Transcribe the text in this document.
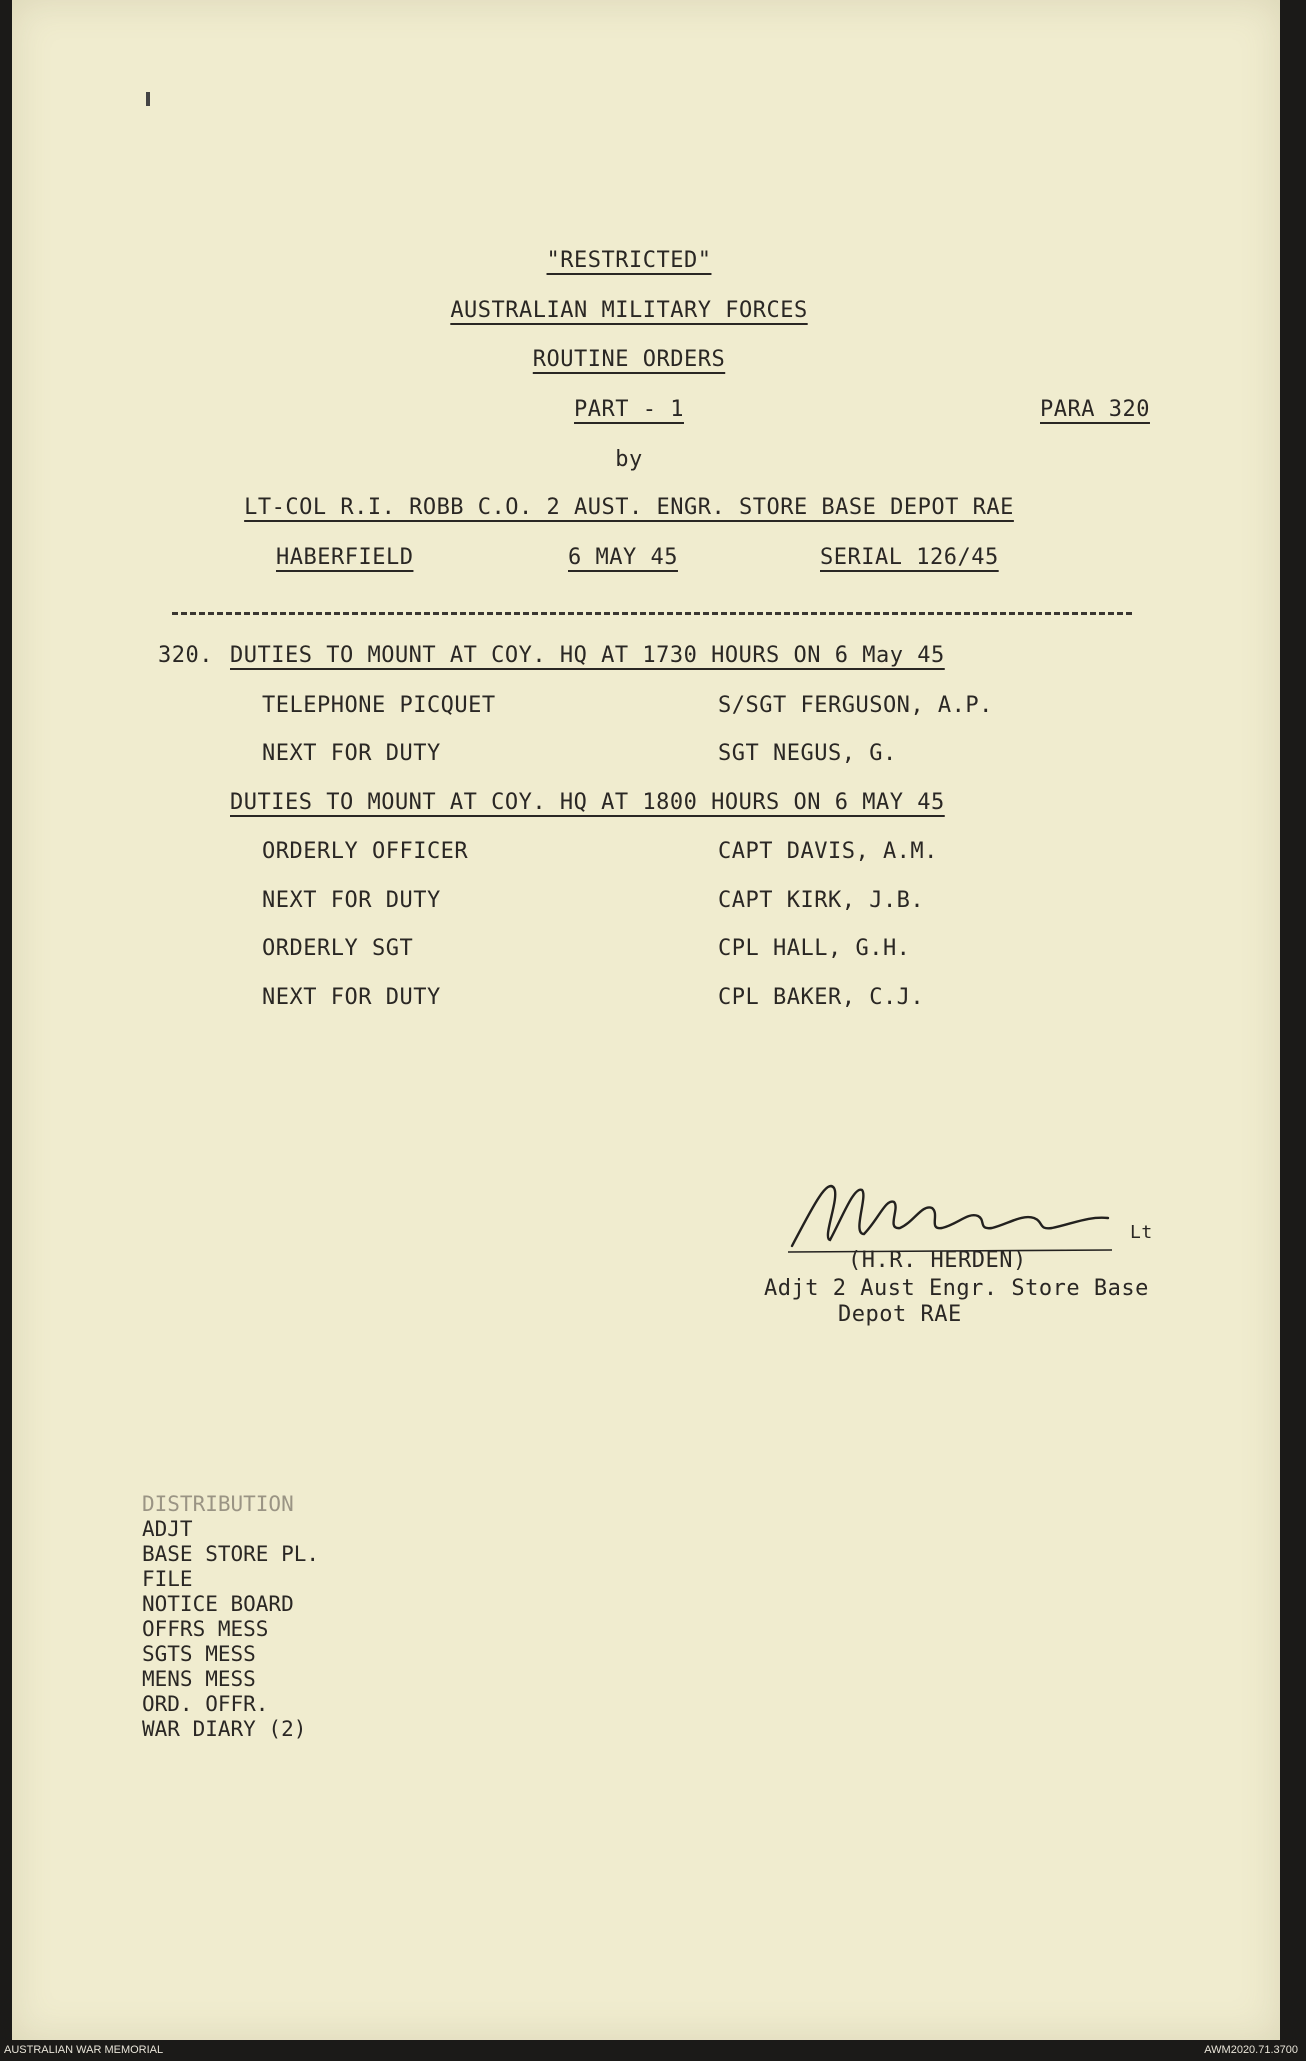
"RESTRICTED"
AUSTRALIAN MILITARY FORCES
ROUTINE ORDERS
PART - 1	PARA 320
by
LT-COL R.I. ROBB C.O. 2 AUST. ENGR. STORE BASE DEPOT RAE
HABERFIELD	6 MAY 45	SERIAL 126/45
320. DUTIES TO MOUNT AT COY. HQ AT 1730 HOURS ON 6 May 45
TELEPHONE PICQUET	S/SGT FERGUSON, A.P.
NEXT FOR DUTY	SGT NEGUS, G.
DUTIES TO MOUNT AT COY. HQ AT 1800 HOURS ON 6 MAY 45
ORDERLY OFFICER	CAPT DAVIS, A.M.
NEXT FOR DUTY	CAPT KIRK, J.B.
ORDERLY SGT	CPL HALL, G.H.
NEXT FOR DUTY	CPL BAKER, C.J.
Lt
(H.R. HERDEN)
Adjt 2 Aust Engr. Store Base
Depot RAE
DISTRIBUTION
ADJT
BASE STORE PL.
FILE
NOTICE BOARD
OFFRS MESS
SGTS MESS
MENS MESS
ORD. OFFR.
WAR DIARY (2)
AUSTRALIAN WAR MEMORIAL	AWM2020.71.3700
